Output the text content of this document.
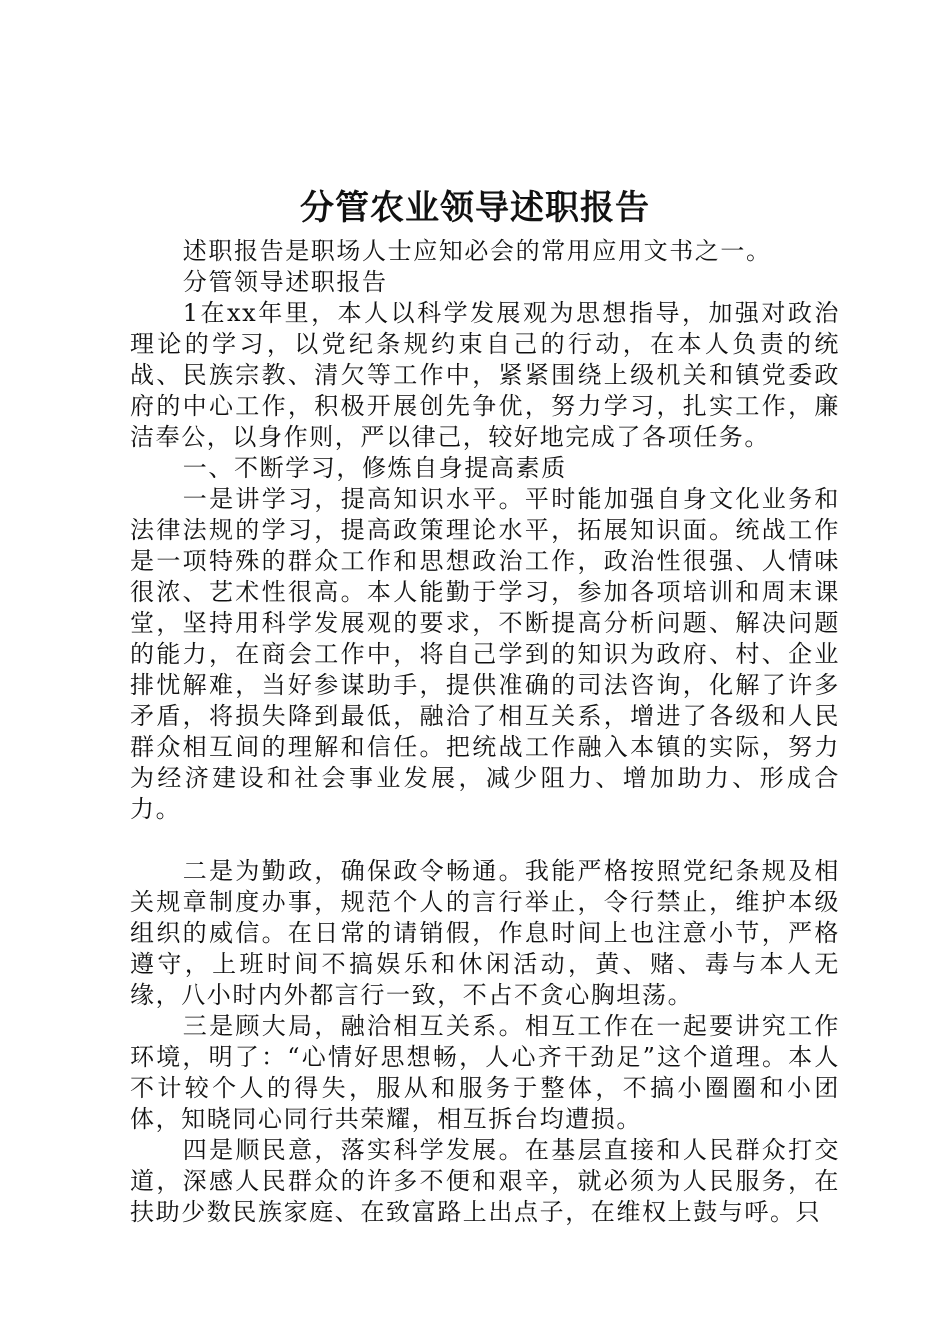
分管农业领导述职报告

述职报告是职场人士应知必会的常用应用文书之一。

分管领导述职报告

1在xx年里，本人以科学发展观为思想指导，加强对政治理论的学习，以党纪条规约束自己的行动，在本人负责的统战、民族宗教、清欠等工作中，紧紧围绕上级机关和镇党委政府的中心工作，积极开展创先争优，努力学习，扎实工作，廉洁奉公，以身作则，严以律己，较好地完成了各项任务。

一、不断学习，修炼自身提高素质

一是讲学习，提高知识水平。平时能加强自身文化业务和法律法规的学习，提高政策理论水平，拓展知识面。统战工作是一项特殊的群众工作和思想政治工作，政治性很强、人情味很浓、艺术性很高。本人能勤于学习，参加各项培训和周末课堂，坚持用科学发展观的要求，不断提高分析问题、解决问题的能力，在商会工作中，将自己学到的知识为政府、村、企业排忧解难，当好参谋助手，提供准确的司法咨询，化解了许多矛盾，将损失降到最低，融洽了相互关系，增进了各级和人民群众相互间的理解和信任。把统战工作融入本镇的实际，努力为经济建设和社会事业发展，减少阻力、增加助力、形成合力。

二是为勤政，确保政令畅通。我能严格按照党纪条规及相关规章制度办事，规范个人的言行举止，令行禁止，维护本级组织的威信。在日常的请销假，作息时间上也注意小节，严格遵守，上班时间不搞娱乐和休闲活动，黄、赌、毒与本人无缘，八小时内外都言行一致，不占不贪心胸坦荡。

三是顾大局，融洽相互关系。相互工作在一起要讲究工作环境，明了：“心情好思想畅，人心齐干劲足”这个道理。本人不计较个人的得失，服从和服务于整体，不搞小圈圈和小团体，知晓同心同行共荣耀，相互拆台均遭损。

四是顺民意，落实科学发展。在基层直接和人民群众打交道，深感人民群众的许多不便和艰辛，就必须为人民服务，在扶助少数民族家庭、在致富路上出点子，在维权上鼓与呼。只
